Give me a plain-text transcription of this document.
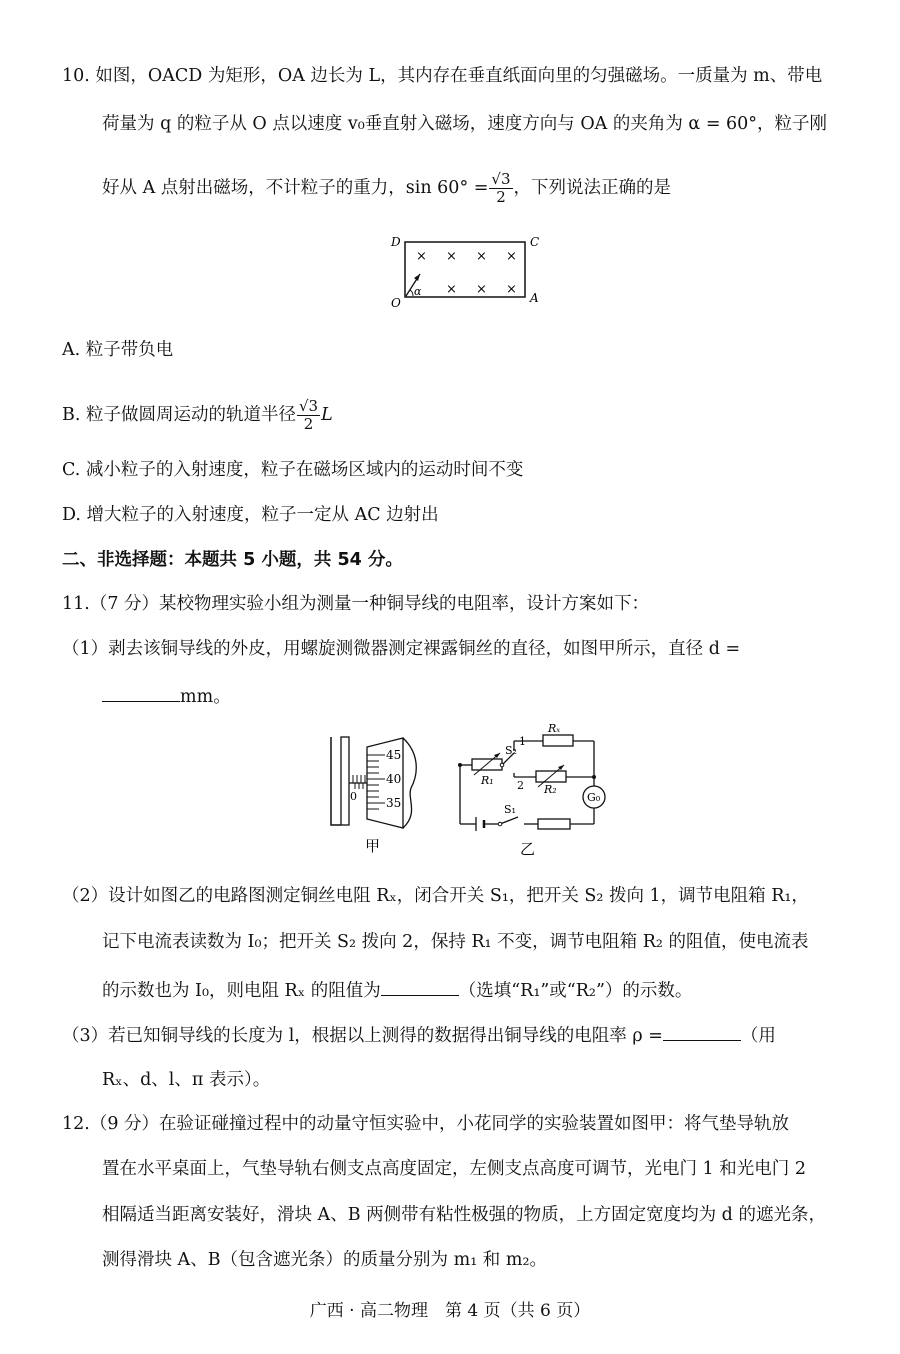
10. 如图，OACD 为矩形，OA 边长为 L，其内存在垂直纸面向里的匀强磁场。一质量为 m、带电
荷量为 q 的粒子从 O 点以速度 v₀垂直射入磁场，速度方向与 OA 的夹角为 α = 60°，粒子刚
好从 A 点射出磁场，不计粒子的重力，$\sin 60^\circ = \frac{√3}{2}$ ，下列说法正确的是
D	C
O	A
× × × ×
× × ×
α
A. 粒子带负电
B. 粒子做圆周运动的轨道半径 $\frac{√3}{2}$ L
C. 减小粒子的入射速度，粒子在磁场区域内的运动时间不变
D. 增大粒子的入射速度，粒子一定从 AC 边射出
二、非选择题：本题共 5 小题，共 54 分。
11.（7 分）某校物理实验小组为测量一种铜导线的电阻率，设计方案如下：
（1）剥去该铜导线的外皮，用螺旋测微器测定裸露铜丝的直径，如图甲所示，直径 d =
mm。
45
40
35
0
甲
G₀
R₁
R₂
Rₓ
S₂
S₁
1
2
乙
（2）设计如图乙的电路图测定铜丝电阻 Rₓ，闭合开关 S₁，把开关 S₂ 拨向 1，调节电阻箱 R₁，
记下电流表读数为 I₀；把开关 S₂ 拨向 2，保持 R₁ 不变，调节电阻箱 R₂ 的阻值，使电流表
的示数也为 I₀，则电阻 Rₓ 的阻值为	（选填“R₁”或“R₂”）的示数。
（3）若已知铜导线的长度为 l，根据以上测得的数据得出铜导线的电阻率 ρ =	（用
Rₓ、d、l、π 表示）。
12.（9 分）在验证碰撞过程中的动量守恒实验中，小花同学的实验装置如图甲：将气垫导轨放
置在水平桌面上，气垫导轨右侧支点高度固定，左侧支点高度可调节，光电门 1 和光电门 2
相隔适当距离安装好，滑块 A、B 两侧带有粘性极强的物质，上方固定宽度均为 d 的遮光条，
测得滑块 A、B（包含遮光条）的质量分别为 m₁ 和 m₂。
广西 · 高二物理　第 4 页（共 6 页）
